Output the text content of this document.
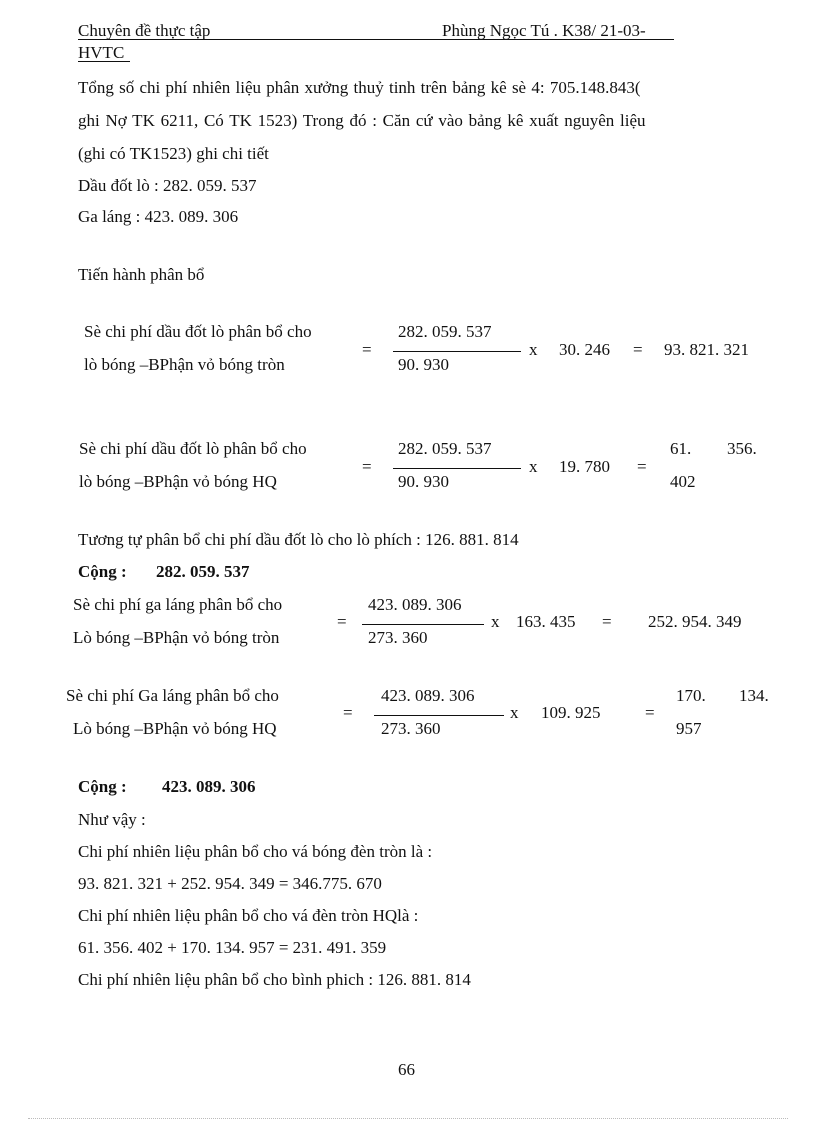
Chuyên đề thực tập	Phùng Ngọc Tú . K38/ 21-03-
HVTC
Tổng số chi phí nhiên liệu phân xưởng thuỷ tinh trên bảng kê sè 4: 705.148.843(
ghi Nợ TK 6211, Có TK 1523) Trong đó : Căn cứ vào bảng kê xuất nguyên liệu
(ghi có TK1523) ghi chi tiết
Dầu đốt lò : 282. 059. 537
Ga láng : 423. 089. 306
Tiến hành phân bổ
Sè chi phí dầu đốt lò phân bổ cho
lò bóng –BPhận vỏ bóng tròn
=
282. 059. 537
90. 930
x 30. 246 = 93. 821. 321
Sè chi phí dầu đốt lò phân bổ cho
lò bóng –BPhận vỏ bóng HQ
=
282. 059. 537
90. 930
x 19. 780 =
61. 356.
402
Tương tự phân bổ chi phí dầu đốt lò cho lò phích : 126. 881. 814
Cộng : 282. 059. 537
Sè chi phí ga láng phân bổ cho
Lò bóng –BPhận vỏ bóng tròn
=
423. 089. 306
273. 360
x 163. 435 = 252. 954. 349
Sè chi phí Ga láng phân bổ cho
Lò bóng –BPhận vỏ bóng HQ
=
423. 089. 306
273. 360
x 109. 925	=
170. 134.
957
Cộng : 423. 089. 306
Như vậy :
Chi phí nhiên liệu phân bổ cho vá bóng đèn tròn là :
93. 821. 321 + 252. 954. 349 = 346.775. 670
Chi phí nhiên liệu phân bổ cho vá đèn tròn HQlà :
61. 356. 402 + 170. 134. 957 = 231. 491. 359
Chi phí nhiên liệu phân bổ cho bình phich : 126. 881. 814
66
